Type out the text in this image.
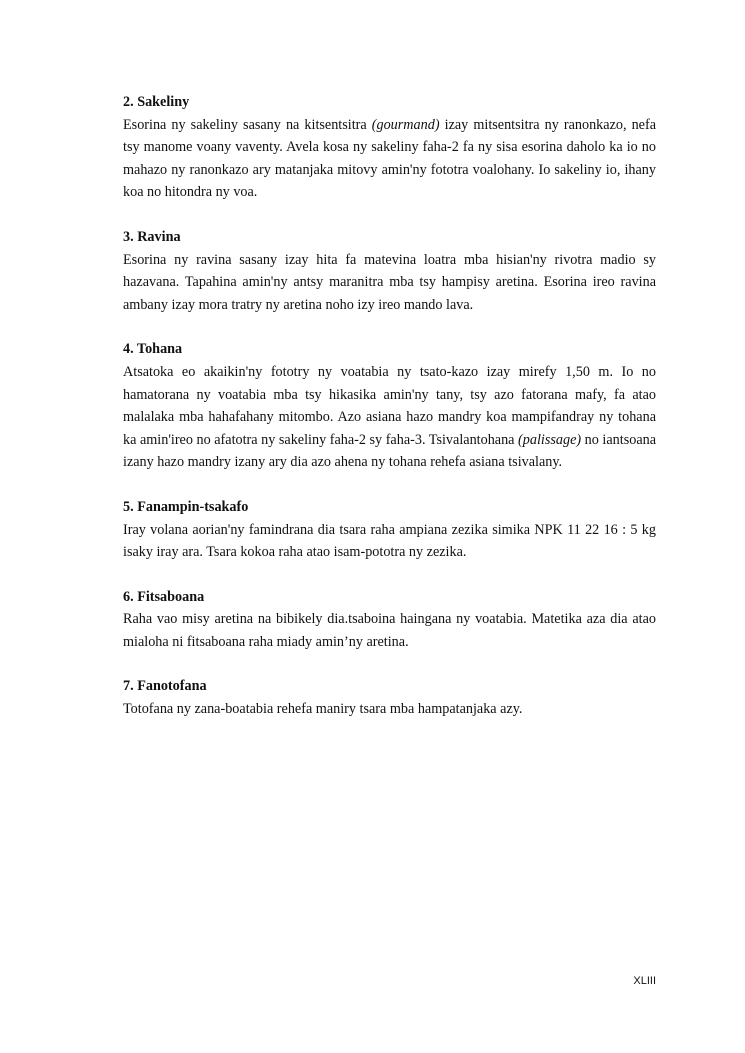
2. Sakeliny

Esorina ny sakeliny sasany na kitsentsitra (gourmand) izay mitsentsitra ny ranonkazo, nefa tsy manome voany vaventy. Avela kosa ny sakeliny faha-2 fa ny sisa esorina daholo ka io no mahazo ny ranonkazo ary matanjaka mitovy amin'ny fototra voalohany. Io sakeliny io, ihany koa no hitondra ny voa.

3. Ravina

Esorina ny ravina sasany izay hita fa matevina loatra mba hisian'ny rivotra madio sy hazavana. Tapahina amin'ny antsy maranitra mba tsy hampisy aretina. Esorina ireo ravina ambany izay mora tratry ny aretina noho izy ireo mando lava.

4. Tohana

Atsatoka eo akaikin'ny fototry ny voatabia ny tsato-kazo izay mirefy 1,50 m. Io no hamatorana ny voatabia mba tsy hikasika amin'ny tany, tsy azo fatorana mafy, fa atao malalaka mba hahafahany mitombo. Azo asiana hazo mandry koa mampifandray ny tohana ka amin'ireo no afatotra ny sakeliny faha-2 sy faha-3. Tsivalantohana (palissage) no iantsoana izany hazo mandry izany ary dia azo ahena ny tohana rehefa asiana tsivalany.

5. Fanampin-tsakafo

Iray volana aorian'ny famindrana dia tsara raha ampiana zezika simika NPK 11 22 16 : 5 kg isaky iray ara. Tsara kokoa raha atao isam-pototra ny zezika.

6. Fitsaboana

Raha vao misy aretina na bibikely dia.tsaboina haingana ny voatabia. Matetika aza dia atao mialoha ni fitsaboana raha miady amin’ny aretina.

7. Fanotofana

Totofana ny zana-boatabia rehefa maniry tsara mba hampatanjaka azy.

XLIII
